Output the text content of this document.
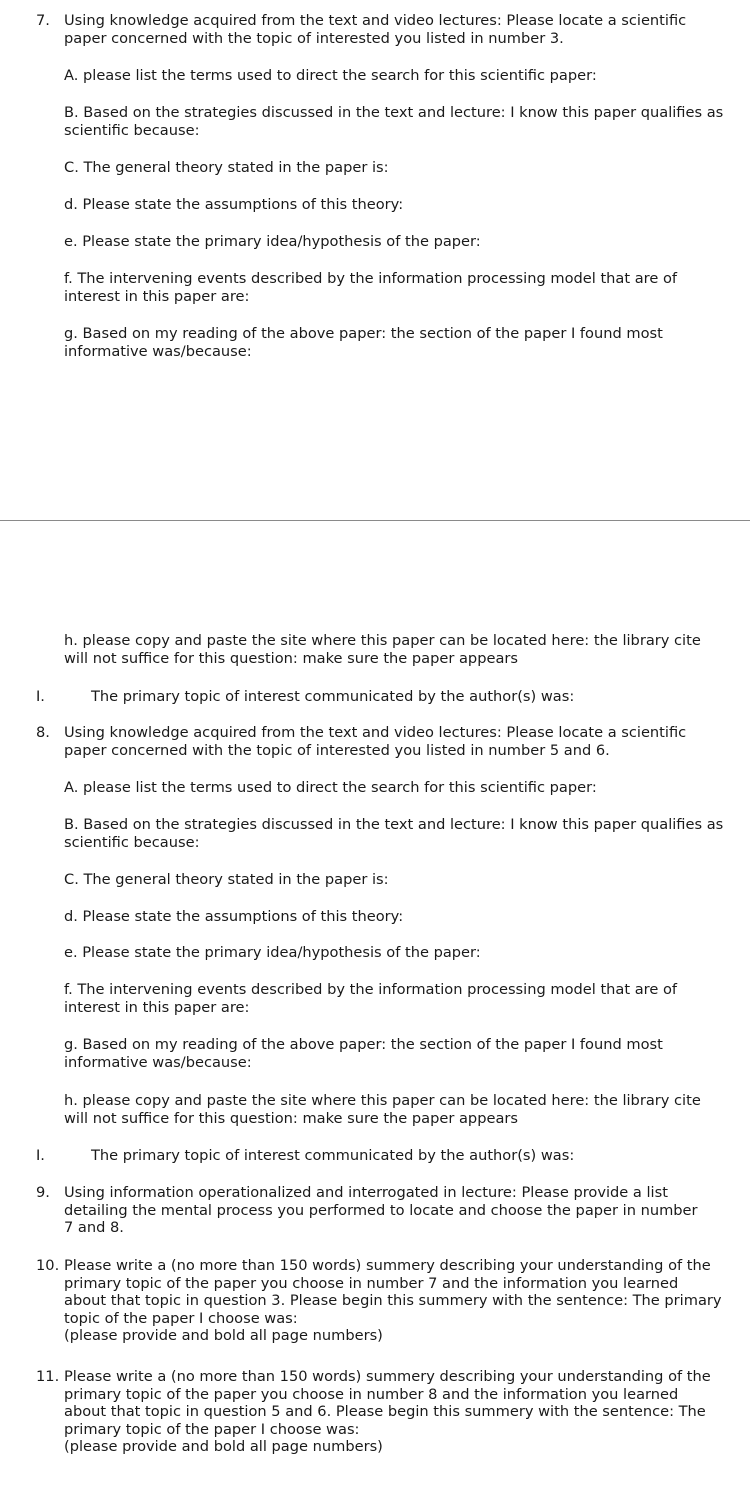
7. Using knowledge acquired from the text and video lectures: Please locate a scientific
paper concerned with the topic of interested you listed in number 3.
A. please list the terms used to direct the search for this scientific paper:
B. Based on the strategies discussed in the text and lecture: I know this paper qualifies as
scientific because:
C. The general theory stated in the paper is:
d. Please state the assumptions of this theory:
e. Please state the primary idea/hypothesis of the paper:
f. The intervening events described by the information processing model that are of
interest in this paper are:
g. Based on my reading of the above paper: the section of the paper I found most
informative was/because:
h. please copy and paste the site where this paper can be located here: the library cite
will not suffice for this question: make sure the paper appears
I.	The primary topic of interest communicated by the author(s) was:
8. Using knowledge acquired from the text and video lectures: Please locate a scientific
paper concerned with the topic of interested you listed in number 5 and 6.
A. please list the terms used to direct the search for this scientific paper:
B. Based on the strategies discussed in the text and lecture: I know this paper qualifies as
scientific because:
C. The general theory stated in the paper is:
d. Please state the assumptions of this theory:
e. Please state the primary idea/hypothesis of the paper:
f. The intervening events described by the information processing model that are of
interest in this paper are:
g. Based on my reading of the above paper: the section of the paper I found most
informative was/because:
h. please copy and paste the site where this paper can be located here: the library cite
will not suffice for this question: make sure the paper appears
I.	The primary topic of interest communicated by the author(s) was:
9. Using information operationalized and interrogated in lecture: Please provide a list
detailing the mental process you performed to locate and choose the paper in number
7 and 8.
10. Please write a (no more than 150 words) summery describing your understanding of the
primary topic of the paper you choose in number 7 and the information you learned
about that topic in question 3. Please begin this summery with the sentence: The primary
topic of the paper I choose was:
(please provide and bold all page numbers)
11. Please write a (no more than 150 words) summery describing your understanding of the
primary topic of the paper you choose in number 8 and the information you learned
about that topic in question 5 and 6. Please begin this summery with the sentence: The
primary topic of the paper I choose was:
(please provide and bold all page numbers)
